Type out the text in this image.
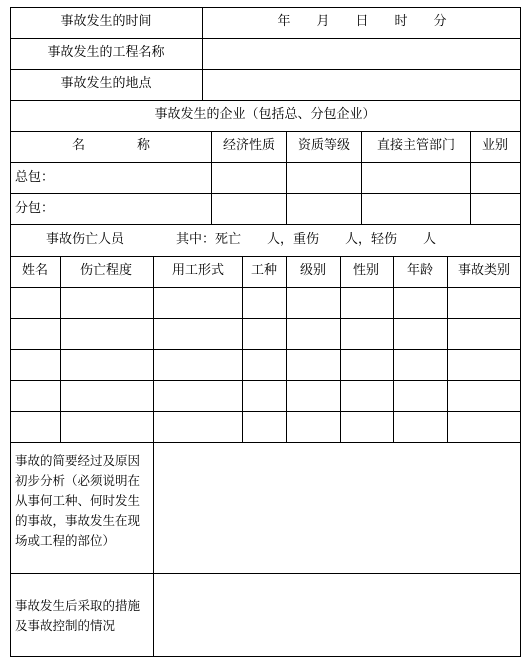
事故发生的时间	年　　月　　日　　时　　分
事故发生的工程名称
事故发生的地点
事故发生的企业（包括总、分包企业）
名　　　　称	经济性质 资质等级 直接主管部门 业别
总包：
分包：
事故伤亡人员	其中：死亡　　人，重伤　　人，轻伤　　人
姓名 伤亡程度	用工形式 工种 级别 性别 年龄 事故类别
事故的简要经过及原因初步分析（必须说明在从事何工种、何时发生的事故，事故发生在现场或工程的部位）
事故发生后采取的措施及事故控制的情况
